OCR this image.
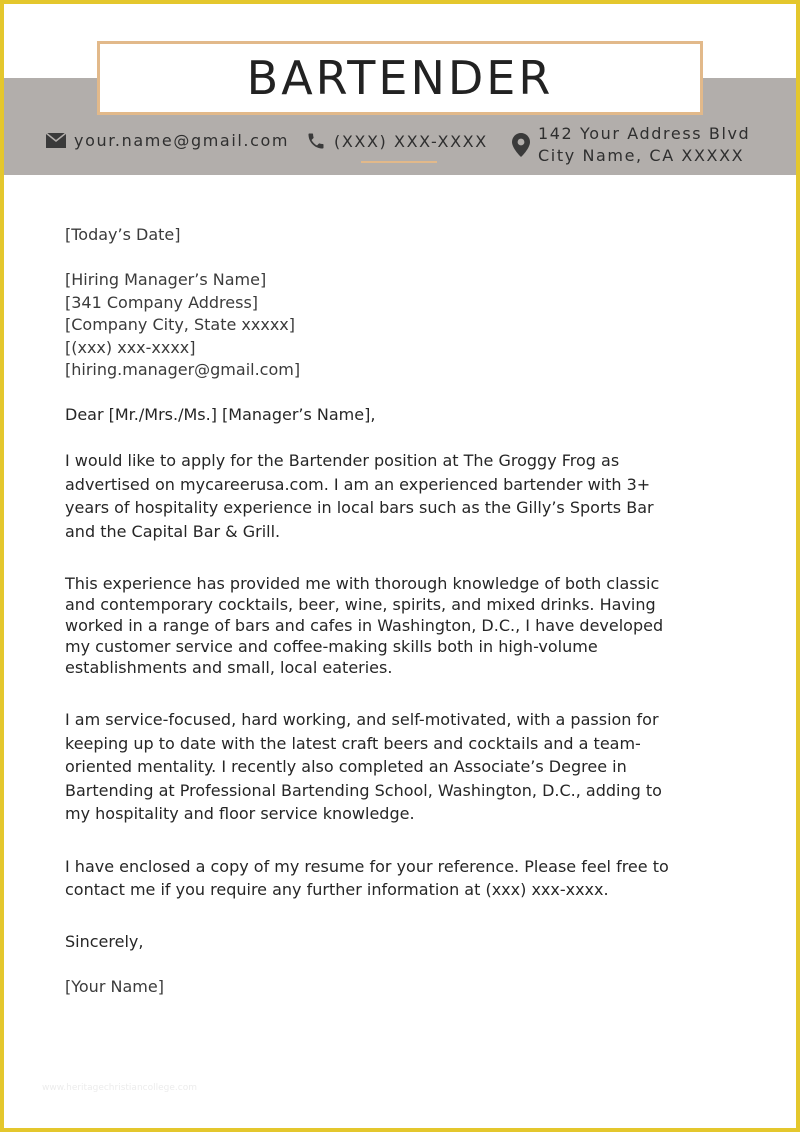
BARTENDER
your.name@gmail.com	(XXX) XXX-XXXX	142 Your Address Blvd
City Name, CA XXXXX
[Today’s Date]
[Hiring Manager’s Name]
[341 Company Address]
[Company City, State xxxxx]
[(xxx) xxx-xxxx]
[hiring.manager@gmail.com]
Dear [Mr./Mrs./Ms.] [Manager’s Name],
I would like to apply for the Bartender position at The Groggy Frog as
advertised on mycareerusa.com. I am an experienced bartender with 3+
years of hospitality experience in local bars such as the Gilly’s Sports Bar
and the Capital Bar & Grill.
This experience has provided me with thorough knowledge of both classic
and contemporary cocktails, beer, wine, spirits, and mixed drinks. Having
worked in a range of bars and cafes in Washington, D.C., I have developed
my customer service and coffee-making skills both in high-volume
establishments and small, local eateries.
I am service-focused, hard working, and self-motivated, with a passion for
keeping up to date with the latest craft beers and cocktails and a team-
oriented mentality. I recently also completed an Associate’s Degree in
Bartending at Professional Bartending School, Washington, D.C., adding to
my hospitality and floor service knowledge.
I have enclosed a copy of my resume for your reference. Please feel free to
contact me if you require any further information at (xxx) xxx-xxxx.
Sincerely,
[Your Name]
www.heritagechristiancollege.com
